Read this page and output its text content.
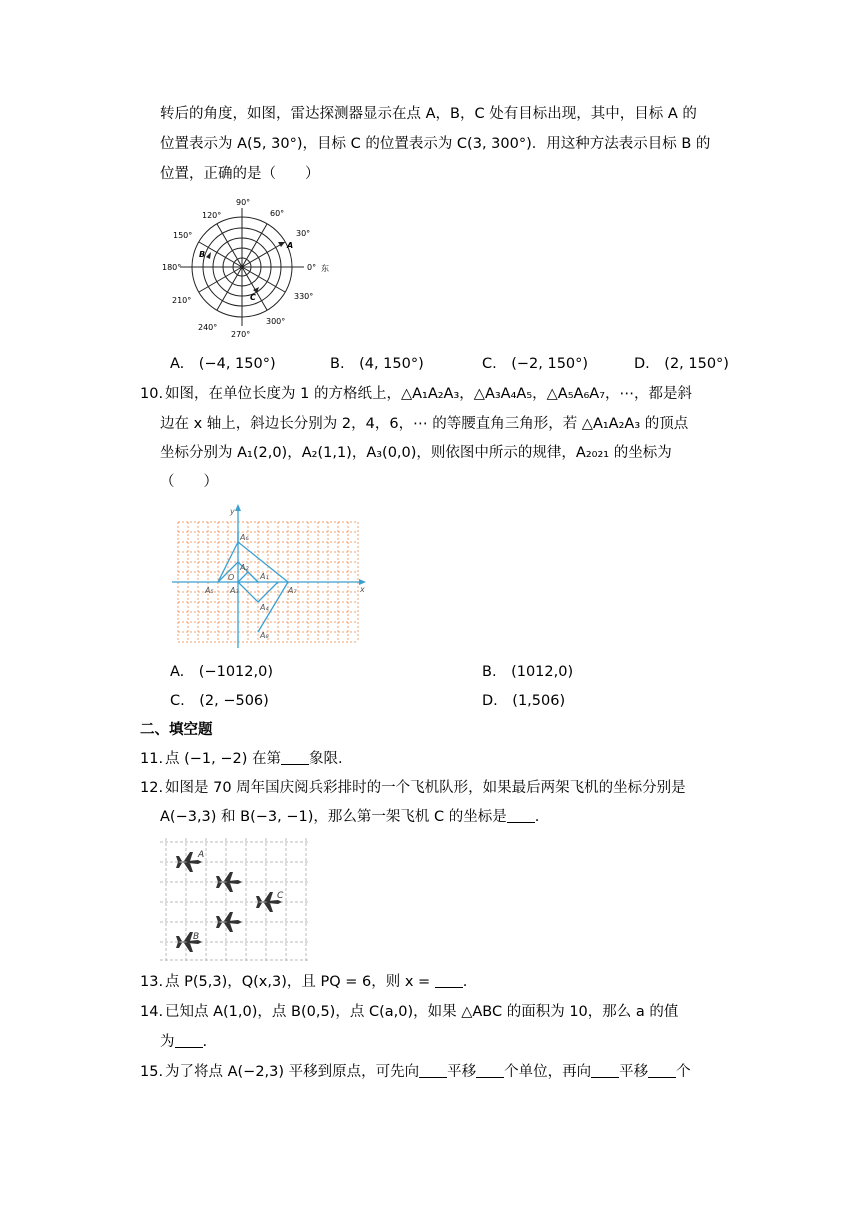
转后的角度，如图，雷达探测器显示在点 A，B，C 处有目标出现，其中，目标 A 的
位置表示为 A(5, 30°)，目标 C 的位置表示为 C(3, 300°)．用这种方法表示目标 B 的
位置，正确的是（　　）
90°
60°
120°
30°
150°
180°	0° 东
210°	330°
240°
300°
270°
A
B
C
A.　 (−4, 150°)	B.　 (4, 150°)	C.　 (−2, 150°)	D.　 (2, 150°)
10. 如图，在单位长度为 1 的方格纸上，△A₁A₂A₃，△A₃A₄A₅，△A₅A₆A₇，⋯，都是斜
边在 x 轴上，斜边长分别为 2，4，6，⋯ 的等腰直角三角形，若 △A₁A₂A₃ 的顶点
坐标分别为 A₁(2,0)，A₂(1,1)，A₃(0,0)，则依图中所示的规律，A₂₀₂₁ 的坐标为
（　　）
y
x
O	A₁
A₂
A₃
A₄
A₅
A₆
A₇
A₈
A.　 (−1012,0)	B.　 (1012,0)
C.　 (2, −506)	D.　 (1,506)
二、填空题
11. 点 (−1, −2) 在第 象限.
12. 如图是 70 周年国庆阅兵彩排时的一个飞机队形，如果最后两架飞机的坐标分别是
A(−3,3) 和 B(−3, −1)，那么第一架飞机 C 的坐标是 .
A
B
C
13. 点 P(5,3)，Q(x,3)，且 PQ = 6，则 x = .
14. 已知点 A(1,0)，点 B(0,5)，点 C(a,0)，如果 △ABC 的面积为 10，那么 a 的值
为 .
15. 为了将点 A(−2,3) 平移到原点，可先向 平移 个单位，再向 平移 个
